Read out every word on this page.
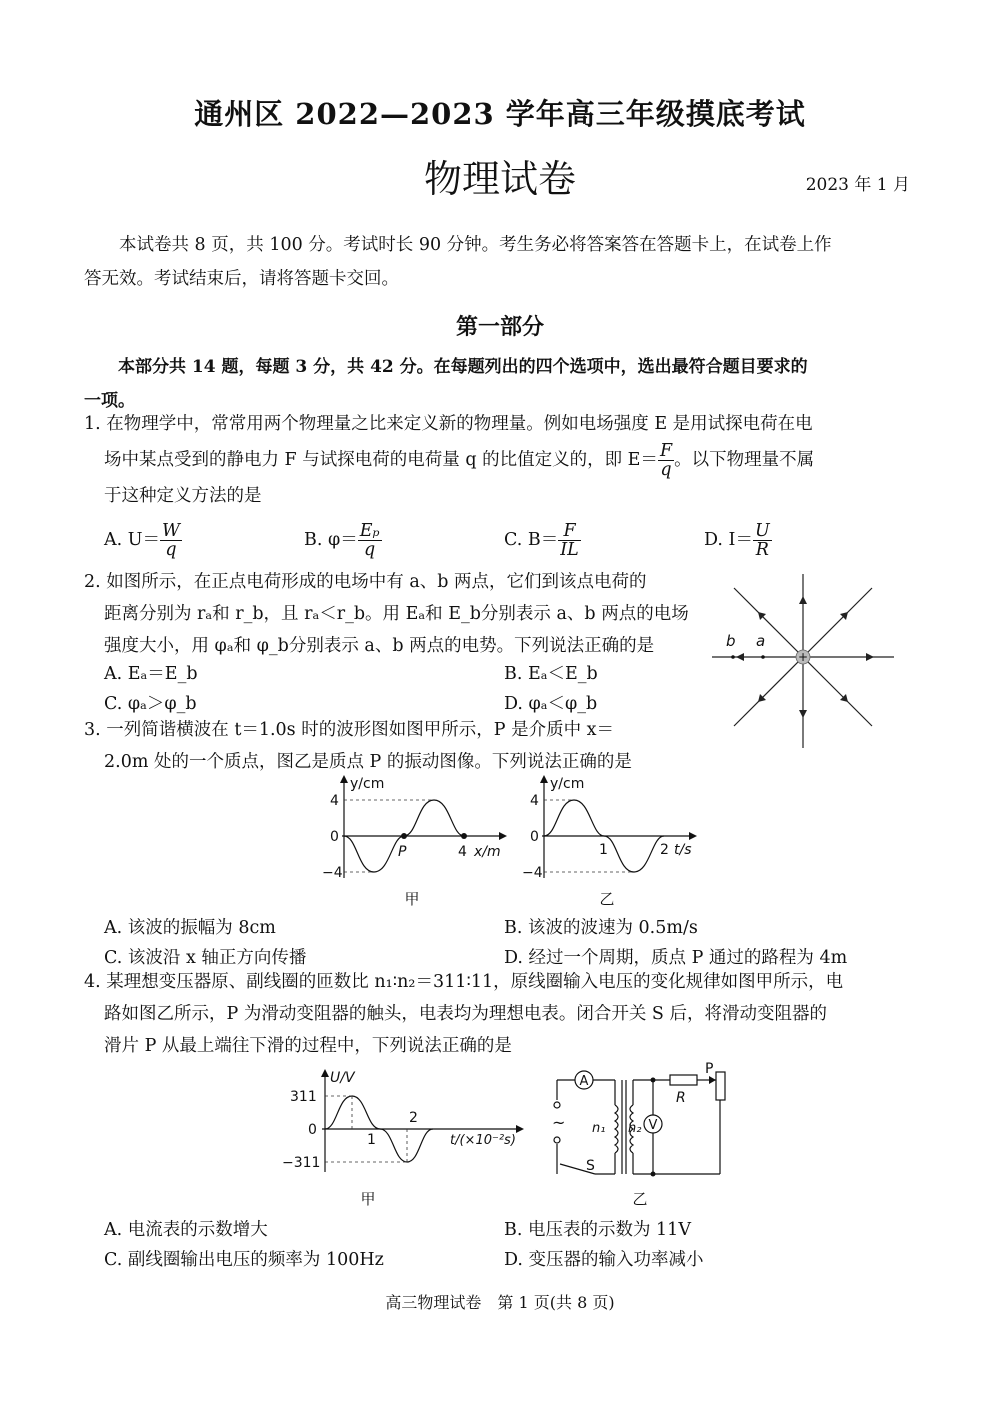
通州区 2022—2023 学年高三年级摸底考试
物理试卷	2023 年 1 月
本试卷共 8 页，共 100 分。考试时长 90 分钟。考生务必将答案答在答题卡上，在试卷上作
答无效。考试结束后，请将答题卡交回。
第一部分
本部分共 14 题，每题 3 分，共 42 分。在每题列出的四个选项中，选出最符合题目要求的
一项。
1. 在物理学中，常常用两个物理量之比来定义新的物理量。例如电场强度 E 是用试探电荷在电
场中某点受到的静电力 F 与试探电荷的电荷量 q 的比值定义的，即 $E= \frac{F}{q}$ 。以下物理量不属
于这种定义方法的是
A. $U= \frac{W}{q}$	B. $\varphi= \frac{\text{Eₚ}}{q}$	C. $B= \frac{F}{IL}$	D. $I= \frac{U}{R}$
2. 如图所示，在正点电荷形成的电场中有 a、b 两点，它们到该点电荷的
距离分别为 rₐ和 r_b，且 rₐ＜r_b。用 Eₐ和 E_b分别表示 a、b 两点的电场
强度大小，用 φₐ和 φ_b分别表示 a、b 两点的电势。下列说法正确的是
A. Eₐ＝E_b	B. Eₐ＜E_b
C. φₐ＞φ_b	D. φₐ＜φ_b
+
b a
3. 一列简谐横波在 t＝1.0s 时的波形图如图甲所示，P 是介质中 x＝
2.0m 处的一个质点，图乙是质点 P 的振动图像。下列说法正确的是
y/cm
4
0
−4
P	4 x/m
甲
y/cm
4
0
−4
1	2 t/s
乙
A. 该波的振幅为 8cm	B. 该波的波速为 0.5m/s
C. 该波沿 x 轴正方向传播	D. 经过一个周期，质点 P 通过的路程为 4m
4. 某理想变压器原、副线圈的匝数比 n₁∶n₂＝311∶11，原线圈输入电压的变化规律如图甲所示，电
路如图乙所示，P 为滑动变阻器的触头，电表均为理想电表。闭合开关 S 后，将滑动变阻器的
滑片 P 从最上端往下滑的过程中，下列说法正确的是
U/V
311
0
−311
1
2
t/(×10⁻²s)
甲
A
V
n₁ n₂
R
P
S
~
乙
A. 电流表的示数增大	B. 电压表的示数为 11V
C. 副线圈输出电压的频率为 100Hz	D. 变压器的输入功率减小
高三物理试卷　第 1 页(共 8 页)
